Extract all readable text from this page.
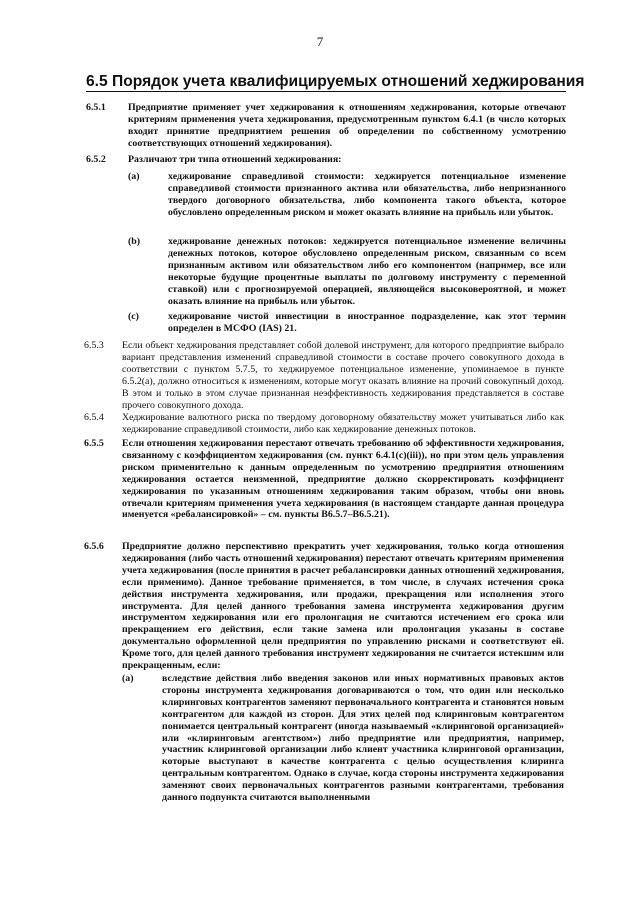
7
6.5 Порядок учета квалифицируемых отношений хеджирования
6.5.1 Предприятие применяет учет хеджирования к отношениям хеджирования, которые отвечают критериям применения учета хеджирования, предусмотренным пунктом 6.4.1 (в число которых входит принятие предприятием решения об определении по собственному усмотрению соответствующих отношений хеджирования).

6.5.2 Различают три типа отношений хеджирования:

(a)	хеджирование справедливой стоимости: хеджируется потенциальное изменение справедливой стоимости признанного актива или обязательства, либо непризнанного твердого договорного обязательства, либо компонента такого объекта, которое обусловлено определенным риском и может оказать влияние на прибыль или убыток.

(b)	хеджирование денежных потоков: хеджируется потенциальное изменение величины денежных потоков, которое обусловлено определенным риском, связанным со всем признанным активом или обязательством либо его компонентом (например, все или некоторые будущие процентные выплаты по долговому инструменту с переменной ставкой) или с прогнозируемой операцией, являющейся высоковероятной, и может оказать влияние на прибыль или убыток.

(c)	хеджирование чистой инвестиции в иностранное подразделение, как этот термин определен в МСФО (IAS) 21.

6.5.3 Если объект хеджирования представляет собой долевой инструмент, для которого предприятие выбрало вариант представления изменений справедливой стоимости в составе прочего совокупного дохода в соответствии с пунктом 5.7.5, то хеджируемое потенциальное изменение, упоминаемое в пункте 6.5.2(a), должно относиться к изменениям, которые могут оказать влияние на прочий совокупный доход. В этом и только в этом случае признанная неэффективность хеджирования представляется в составе прочего совокупного дохода.

6.5.4 Хеджирование валютного риска по твердому договорному обязательству может учитываться либо как хеджирование справедливой стоимости, либо как хеджирование денежных потоков.

6.5.5 Если отношения хеджирования перестают отвечать требованию об эффективности хеджирования, связанному с коэффициентом хеджирования (см. пункт 6.4.1(c)(iii)), но при этом цель управления риском применительно к данным определенным по усмотрению предприятия отношениям хеджирования остается неизменной, предприятие должно скорректировать коэффициент хеджирования по указанным отношениям хеджирования таким образом, чтобы они вновь отвечали критериям применения учета хеджирования (в настоящем стандарте данная процедура именуется «ребалансировкой» – см. пункты B6.5.7–B6.5.21).

6.5.6 Предприятие должно перспективно прекратить учет хеджирования, только когда отношения хеджирования (либо часть отношений хеджирования) перестают отвечать критериям применения учета хеджирования (после принятия в расчет ребалансировки данных отношений хеджирования, если применимо). Данное требование применяется, в том числе, в случаях истечения срока действия инструмента хеджирования, или продажи, прекращения или исполнения этого инструмента. Для целей данного требования замена инструмента хеджирования другим инструментом хеджирования или его пролонгация не считаются истечением его срока или прекращением его действия, если такие замена или пролонгация указаны в составе документально оформленной цели предприятия по управлению рисками и соответствуют ей. Кроме того, для целей данного требования инструмент хеджирования не считается истекшим или прекращенным, если:

(a)	вследствие действия либо введения законов или иных нормативных правовых актов стороны инструмента хеджирования договариваются о том, что один или несколько клиринговых контрагентов заменяют первоначального контрагента и становятся новым контрагентом для каждой из сторон. Для этих целей под клиринговым контрагентом понимается центральный контрагент (иногда называемый «клиринговой организацией» или «клиринговым агентством») либо предприятие или предприятия, например, участник клиринговой организации либо клиент участника клиринговой организации, которые выступают в качестве контрагента с целью осуществления клиринга центральным контрагентом. Однако в случае, когда стороны инструмента хеджирования заменяют своих первоначальных контрагентов разными контрагентами, требования данного подпункта считаются выполненными
